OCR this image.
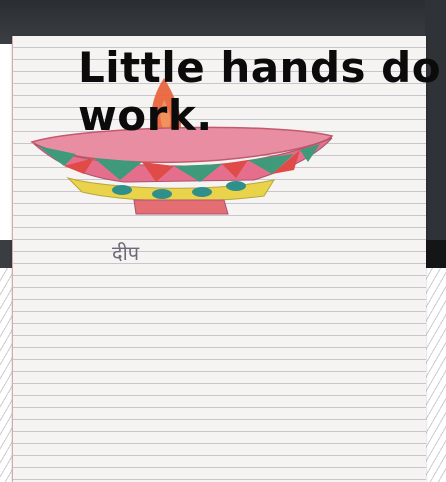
दीप
Little hands do
work.
